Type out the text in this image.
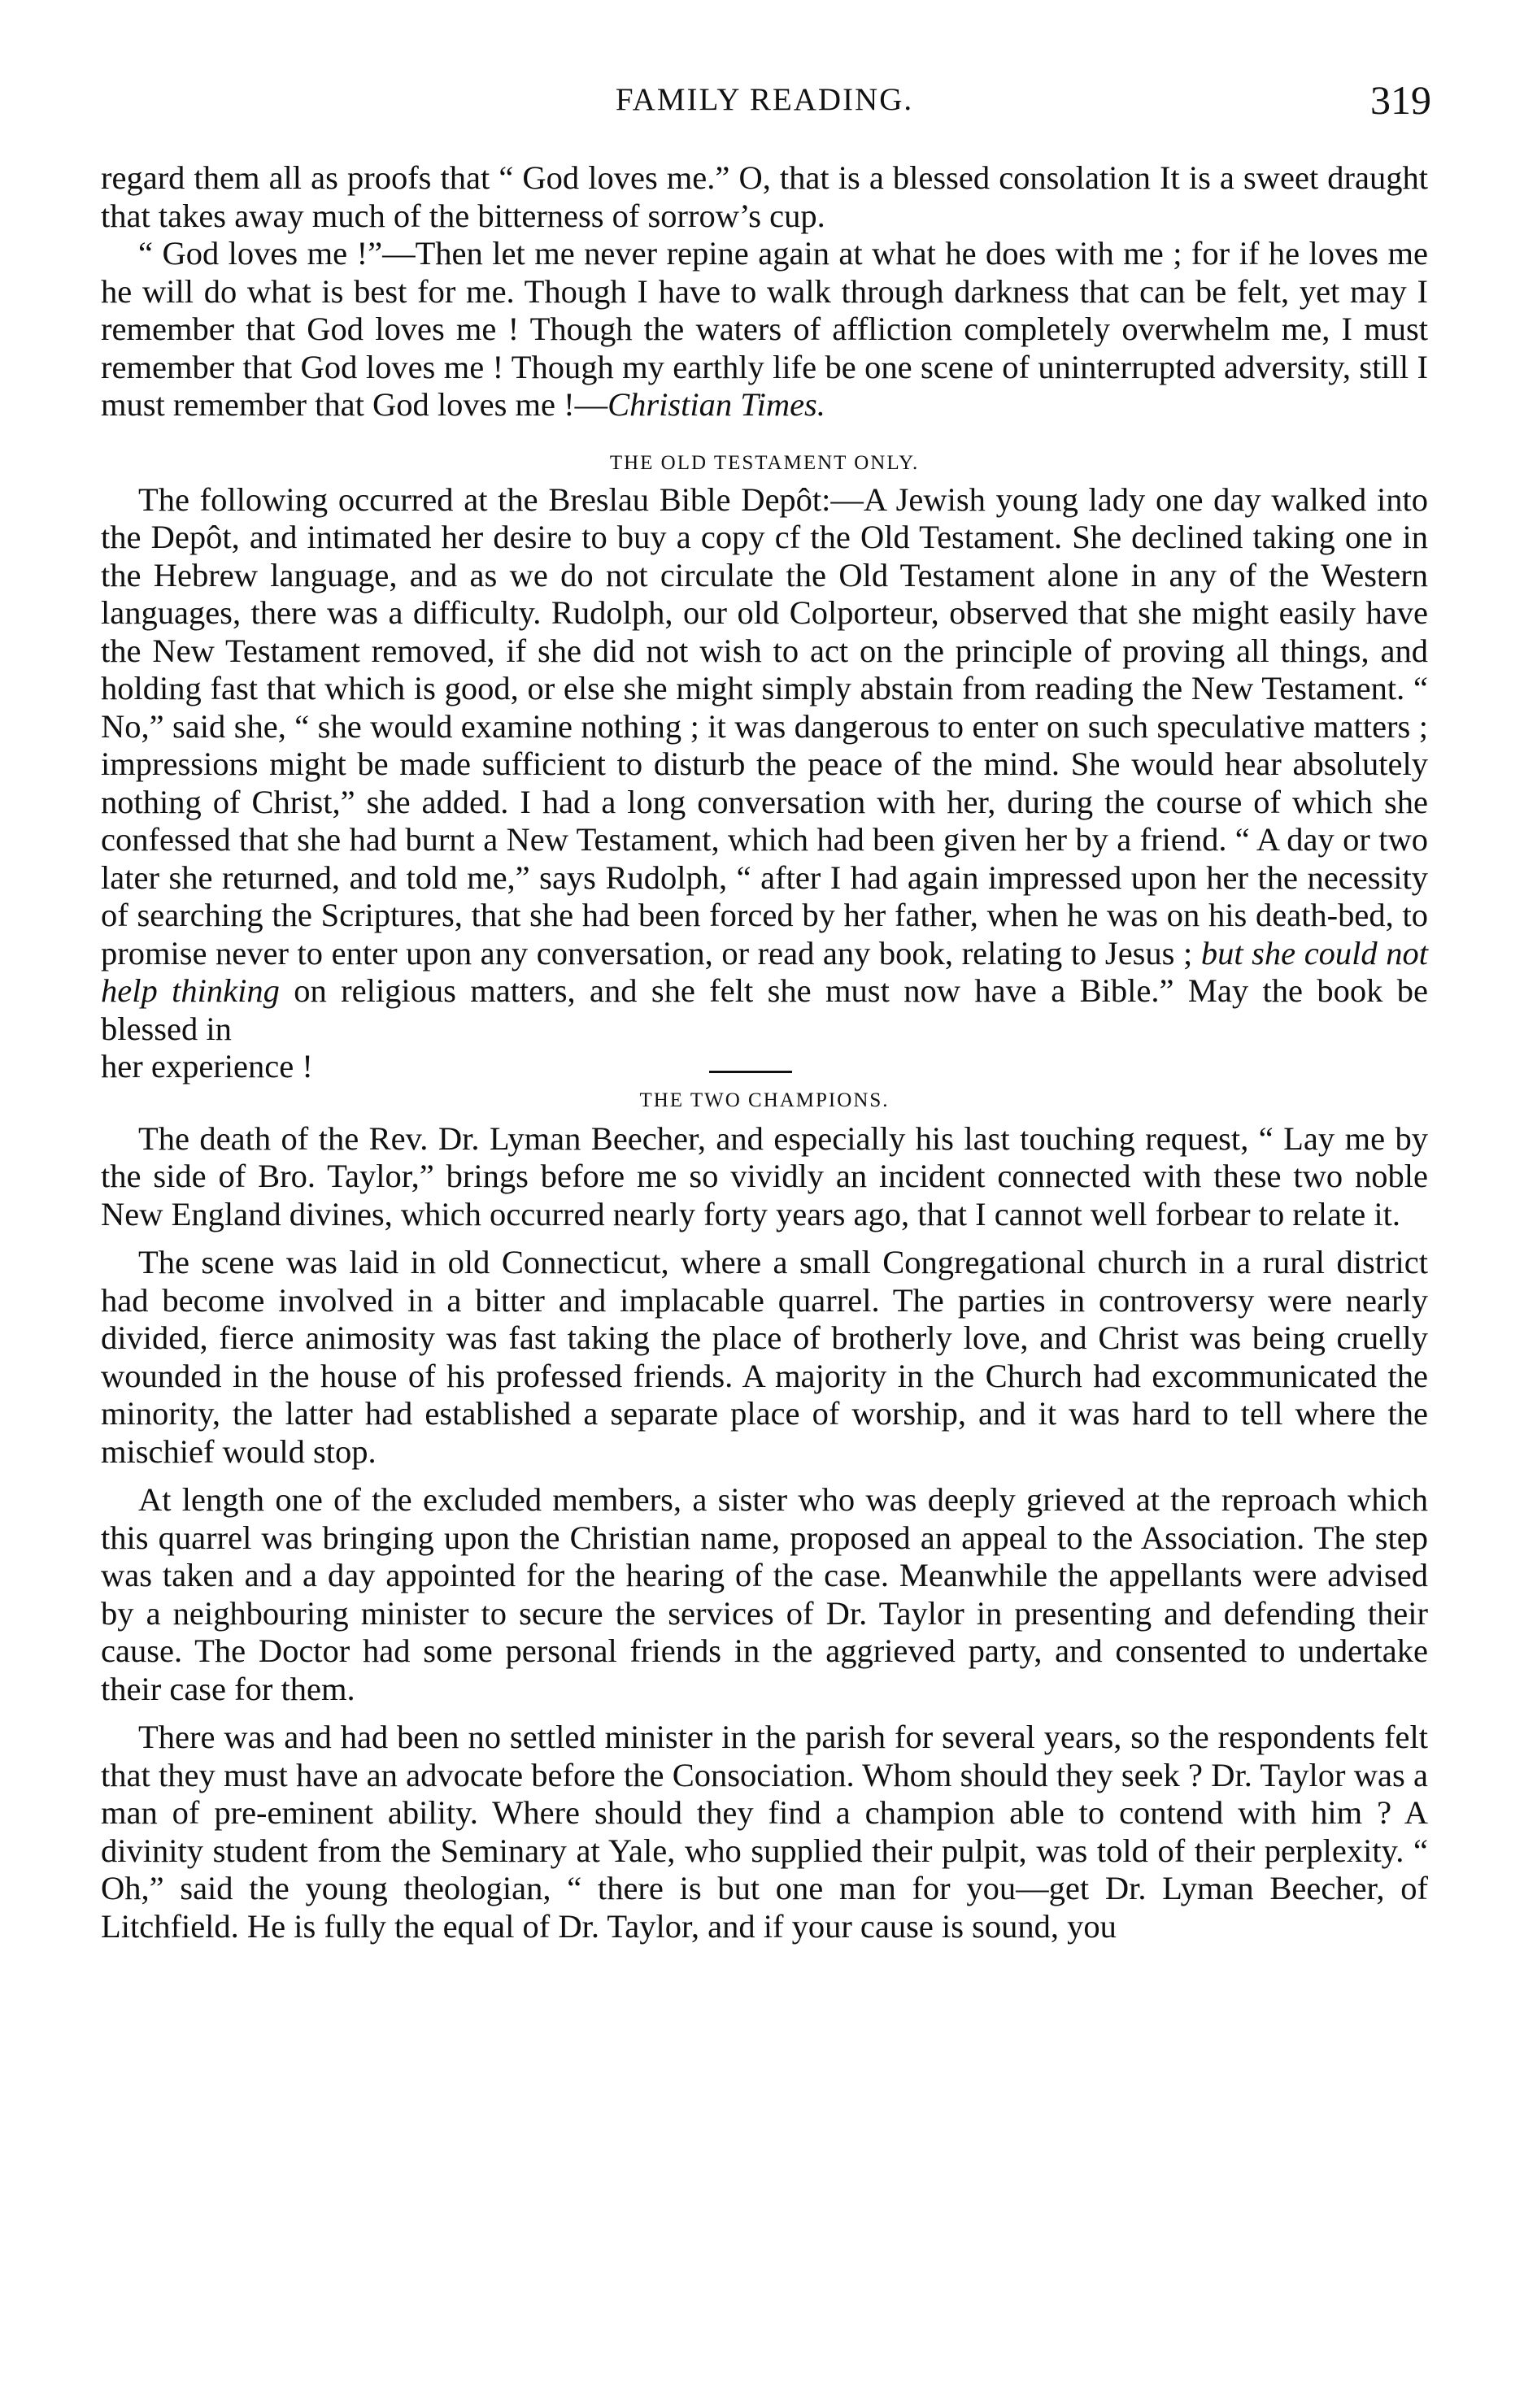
FAMILY READING.	319

regard them all as proofs that “ God loves me.” O, that is a blessed consolation It is a sweet draught that takes away much of the bitterness of sorrow’s cup.

“ God loves me !”—Then let me never repine again at what he does with me ; for if he loves me he will do what is best for me. Though I have to walk through darkness that can be felt, yet may I remember that God loves me ! Though the waters of affliction completely overwhelm me, I must remember that God loves me ! Though my earthly life be one scene of uninterrupted adversity, still I must remember that God loves me !—Christian Times.

THE OLD TESTAMENT ONLY.

The following occurred at the Breslau Bible Depôt:—A Jewish young lady one day walked into the Depôt, and intimated her desire to buy a copy cf the Old Testament. She declined taking one in the Hebrew language, and as we do not circulate the Old Testament alone in any of the Western languages, there was a difficulty. Rudolph, our old Colporteur, observed that she might easily have the New Testament removed, if she did not wish to act on the principle of proving all things, and holding fast that which is good, or else she might simply abstain from reading the New Testament. “ No,” said she, “ she would examine nothing ; it was dangerous to enter on such speculative matters ; impressions might be made sufficient to disturb the peace of the mind. She would hear absolutely nothing of Christ,” she added. I had a long conversation with her, during the course of which she confessed that she had burnt a New Testament, which had been given her by a friend. “ A day or two later she returned, and told me,” says Rudolph, “ after I had again impressed upon her the necessity of searching the Scriptures, that she had been forced by her father, when he was on his death-bed, to promise never to enter upon any conversation, or read any book, relating to Jesus ; but she could not help thinking on religious matters, and she felt she must now have a Bible.” May the book be blessed in

her experience !

THE TWO CHAMPIONS.

The death of the Rev. Dr. Lyman Beecher, and especially his last touching request, “ Lay me by the side of Bro. Taylor,” brings before me so vividly an incident connected with these two noble New England divines, which occurred nearly forty years ago, that I cannot well forbear to relate it.

The scene was laid in old Connecticut, where a small Congregational church in a rural district had become involved in a bitter and implacable quarrel. The parties in controversy were nearly divided, fierce animosity was fast taking the place of brotherly love, and Christ was being cruelly wounded in the house of his professed friends. A majority in the Church had excommunicated the minority, the latter had established a separate place of worship, and it was hard to tell where the mischief would stop.

At length one of the excluded members, a sister who was deeply grieved at the reproach which this quarrel was bringing upon the Christian name, proposed an appeal to the Association. The step was taken and a day appointed for the hearing of the case. Meanwhile the appellants were advised by a neighbouring minister to secure the services of Dr. Taylor in presenting and defending their cause. The Doctor had some personal friends in the aggrieved party, and consented to undertake their case for them.

There was and had been no settled minister in the parish for several years, so the respondents felt that they must have an advocate before the Consociation. Whom should they seek ? Dr. Taylor was a man of pre-eminent ability. Where should they find a champion able to contend with him ? A divinity student from the Seminary at Yale, who supplied their pulpit, was told of their perplexity. “ Oh,” said the young theologian, “ there is but one man for you—get Dr. Lyman Beecher, of Litchfield. He is fully the equal of Dr. Taylor, and if your cause is sound, you
